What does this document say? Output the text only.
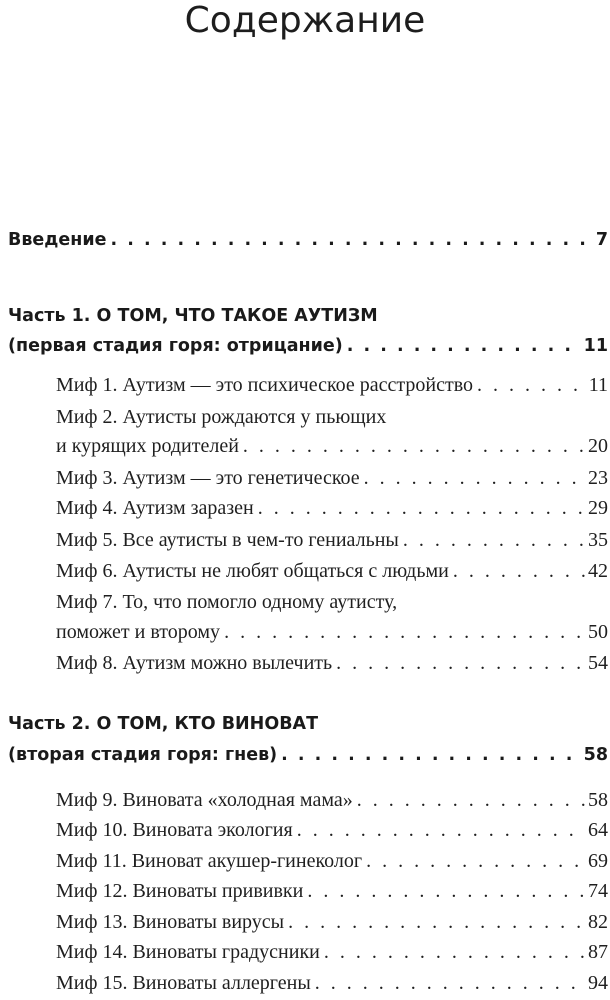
Содержание
Введение . . .	7
Часть 1. О ТОМ, ЧТО ТАКОЕ АУТИЗМ
(первая стадия горя: отрицание) . . .	11
Миф 1. Аутизм — это психическое расстройство . . .	11
Миф 2. Аутисты рождаются у пьющих
и курящих родителей . . .	20
Миф 3. Аутизм — это генетическое . . .	23
Миф 4. Аутизм заразен . . .	29
Миф 5. Все аутисты в чем-то гениальны . . .	35
Миф 6. Аутисты не любят общаться с людьми . . .	42
Миф 7. То, что помогло одному аутисту,
поможет и второму . . .	50
Миф 8. Аутизм можно вылечить . . .	54
Часть 2. О ТОМ, КТО ВИНОВАТ
(вторая стадия горя: гнев) . . .	58
Миф 9. Виновата «холодная мама» . . .	58
Миф 10. Виновата экология . . .	64
Миф 11. Виноват акушер-гинеколог . . .	69
Миф 12. Виноваты прививки . . .	74
Миф 13. Виноваты вирусы . . .	82
Миф 14. Виноваты градусники . . .	87
Миф 15. Виноваты аллергены . . .	94
